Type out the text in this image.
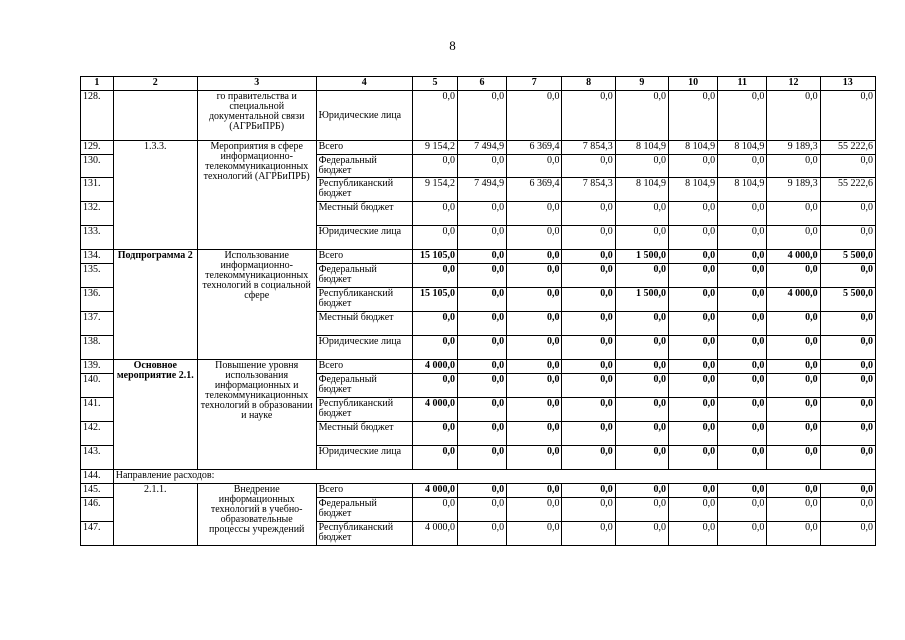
8
1	2	3	4	5	6	7	8	9	10	11	12	13
128.		го правительства и специальной документальной связи (АГРБиПРБ)	Юридические лица	0,0	0,0	0,0	0,0	0,0	0,0	0,0	0,0	0,0
129.	1.3.3.	Мероприятия в сфере информационно-телекоммуникационных технологий (АГРБиПРБ)	Всего	9 154,2	7 494,9	6 369,4	7 854,3	8 104,9	8 104,9	8 104,9	9 189,3	55 222,6
130.			Федеральный бюджет	0,0	0,0	0,0	0,0	0,0	0,0	0,0	0,0	0,0
131.			Республиканский бюджет	9 154,2	7 494,9	6 369,4	7 854,3	8 104,9	8 104,9	8 104,9	9 189,3	55 222,6
132.			Местный бюджет	0,0	0,0	0,0	0,0	0,0	0,0	0,0	0,0	0,0
133.			Юридические лица	0,0	0,0	0,0	0,0	0,0	0,0	0,0	0,0	0,0
134.	Подпрограмма 2	Использование информационно-телекоммуникационных технологий в социальной сфере	Всего	15 105,0	0,0	0,0	0,0	1 500,0	0,0	0,0	4 000,0	5 500,0
135.			Федеральный бюджет	0,0	0,0	0,0	0,0	0,0	0,0	0,0	0,0	0,0
136.			Республиканский бюджет	15 105,0	0,0	0,0	0,0	1 500,0	0,0	0,0	4 000,0	5 500,0
137.			Местный бюджет	0,0	0,0	0,0	0,0	0,0	0,0	0,0	0,0	0,0
138.			Юридические лица	0,0	0,0	0,0	0,0	0,0	0,0	0,0	0,0	0,0
139.	Основное мероприятие 2.1.	Повышение уровня использования информационных и телекоммуникационных технологий в образовании и науке	Всего	4 000,0	0,0	0,0	0,0	0,0	0,0	0,0	0,0	0,0
140.			Федеральный бюджет	0,0	0,0	0,0	0,0	0,0	0,0	0,0	0,0	0,0
141.			Республиканский бюджет	4 000,0	0,0	0,0	0,0	0,0	0,0	0,0	0,0	0,0
142.			Местный бюджет	0,0	0,0	0,0	0,0	0,0	0,0	0,0	0,0	0,0
143.			Юридические лица	0,0	0,0	0,0	0,0	0,0	0,0	0,0	0,0	0,0
144.	Направление расходов:											
145.	2.1.1.	Внедрение информационных технологий в учебно-образовательные процессы учреждений	Всего	4 000,0	0,0	0,0	0,0	0,0	0,0	0,0	0,0	0,0
146.			Федеральный бюджет	0,0	0,0	0,0	0,0	0,0	0,0	0,0	0,0	0,0
147.			Республиканский бюджет	4 000,0	0,0	0,0	0,0	0,0	0,0	0,0	0,0	0,0
